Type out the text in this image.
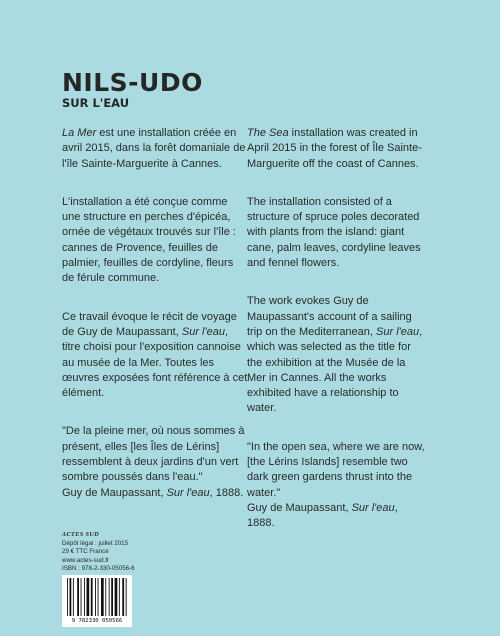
NILS-UDO
SUR L'EAU

La Mer est une installation créée en avril 2015, dans la forêt domaniale de l'île Sainte-Marguerite à Cannes.

L'installation a été conçue comme une structure en perches d'épicéa, ornée de végétaux trouvés sur l'île : cannes de Provence, feuilles de palmier, feuilles de cordyline, fleurs de férule commune.

Ce travail évoque le récit de voyage de Guy de Maupassant, Sur l'eau, titre choisi pour l'exposition cannoise au musée de la Mer. Toutes les œuvres exposées font référence à cet élément.

"De la pleine mer, où nous sommes à présent, elles [les Îles de Lérins] ressemblent à deux jardins d'un vert sombre poussés dans l'eau."
Guy de Maupassant, Sur l'eau, 1888.

The Sea installation was created in April 2015 in the forest of Île Sainte-Marguerite off the coast of Cannes.

The installation consisted of a structure of spruce poles decorated with plants from the island: giant cane, palm leaves, cordyline leaves and fennel flowers.

The work evokes Guy de Maupassant's account of a sailing trip on the Mediterranean, Sur l'eau, which was selected as the title for the exhibition at the Musée de la Mer in Cannes. All the works exhibited have a relationship to water.

"In the open sea, where we are now, [the Lérins Islands] resemble two dark green gardens thrust into the water."
Guy de Maupassant, Sur l'eau, 1888.

ACTES SUD
Dépôt légal : juillet 2015
29 € TTC France
www.actes-sud.fr
ISBN : 978-2-330-05056-6
9 782330 050566
